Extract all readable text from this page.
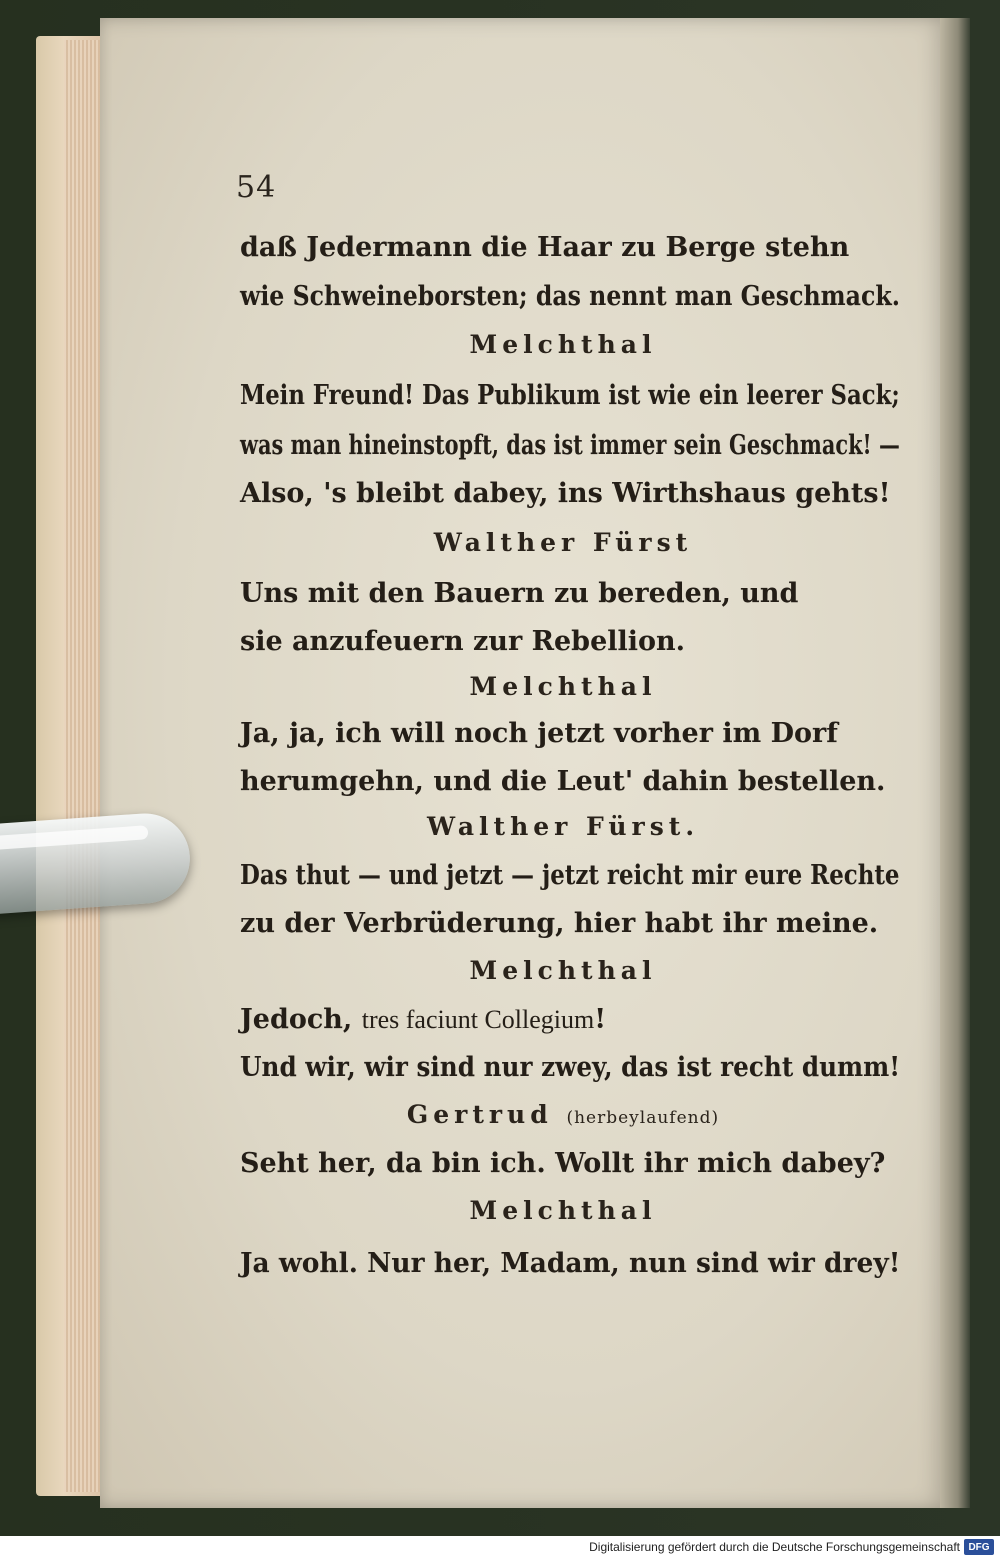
54
daß Jedermann die Haar zu Berge stehn
wie Schweineborsten; das nennt man Geschmack.
Melchthal
Mein Freund! Das Publikum ist wie ein leerer Sack;
was man hineinstopft, das ist immer sein Geschmack! —
Also, 's bleibt dabey, ins Wirthshaus gehts!
Walther Fürst
Uns mit den Bauern zu bereden, und
sie anzufeuern zur Rebellion.
Melchthal
Ja, ja, ich will noch jetzt vorher im Dorf
herumgehn, und die Leut' dahin bestellen.
Walther Fürst.
Das thut — und jetzt — jetzt reicht mir eure Rechte
zu der Verbrüderung, hier habt ihr meine.
Melchthal
Jedoch, tres faciunt Collegium!
Und wir, wir sind nur zwey, das ist recht dumm!
Gertrud (herbeylaufend)
Seht her, da bin ich. Wollt ihr mich dabey?
Melchthal
Ja wohl. Nur her, Madam, nun sind wir drey!
Digitalisierung gefördert durch die Deutsche Forschungsgemeinschaft DFG
